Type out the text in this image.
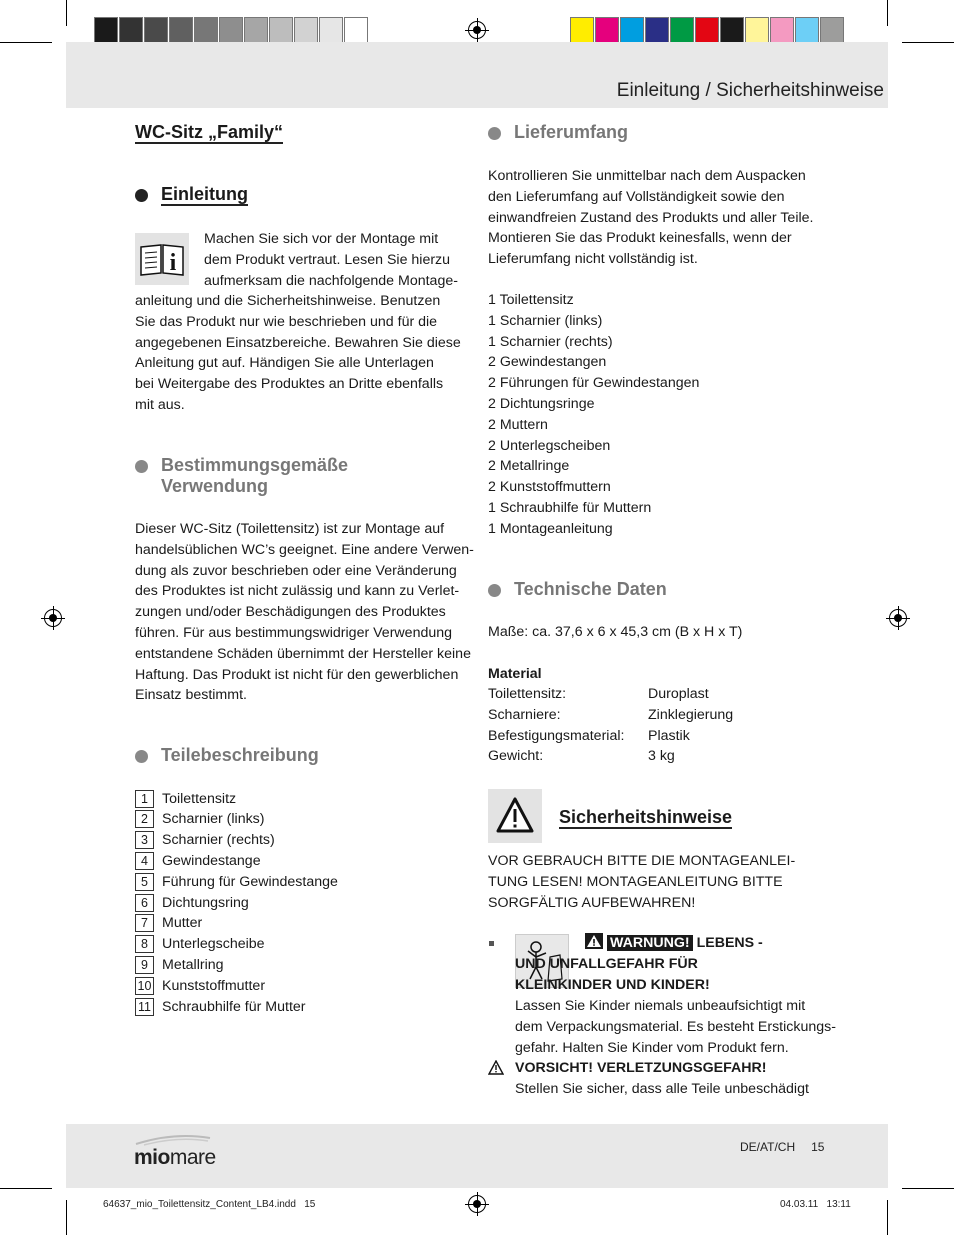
Einleitung / Sicherheitshinweise
WC-Sitz „Family“
Einleitung
i
Machen Sie sich vor der Montage mit
dem Produkt vertraut. Lesen Sie hierzu
aufmerksam die nachfolgende Montage-
anleitung und die Sicherheitshinweise. Benutzen
Sie das Produkt nur wie beschrieben und für die
angegebenen Einsatzbereiche. Bewahren Sie diese
Anleitung gut auf. Händigen Sie alle Unterlagen
bei Weitergabe des Produktes an Dritte ebenfalls
mit aus.
Bestimmungsgemäße
Verwendung
Dieser WC-Sitz (Toilettensitz) ist zur Montage auf
handelsüblichen WC’s geeignet. Eine andere Verwen-
dung als zuvor beschrieben oder eine Veränderung
des Produktes ist nicht zulässig und kann zu Verlet-
zungen und/oder Beschädigungen des Produktes
führen. Für aus bestimmungswidriger Verwendung
entstandene Schäden übernimmt der Hersteller keine
Haftung. Das Produkt ist nicht für den gewerblichen
Einsatz bestimmt.
Teilebeschreibung
1 Toilettensitz
2 Scharnier (links)
3 Scharnier (rechts)
4 Gewindestange
5 Führung für Gewindestange
6 Dichtungsring
7 Mutter
8 Unterlegscheibe
9 Metallring
10 Kunststoffmutter
11 Schraubhilfe für Mutter
Lieferumfang
Kontrollieren Sie unmittelbar nach dem Auspacken
den Lieferumfang auf Vollständigkeit sowie den
einwandfreien Zustand des Produkts und aller Teile.
Montieren Sie das Produkt keinesfalls, wenn der
Lieferumfang nicht vollständig ist.
1 Toilettensitz
1 Scharnier (links)
1 Scharnier (rechts)
2 Gewindestangen
2 Führungen für Gewindestangen
2 Dichtungsringe
2 Muttern
2 Unterlegscheiben
2 Metallringe
2 Kunststoffmuttern
1 Schraubhilfe für Muttern
1 Montageanleitung
Technische Daten
Maße: ca. 37,6 x 6 x 45,3 cm (B x H x T)
Material
Toilettensitz:	Duroplast
Scharniere:	Zinklegierung
Befestigungsmaterial: Plastik
Gewicht:	3 kg
Sicherheitshinweise
VOR GEBRAUCH BITTE DIE MONTAGEANLEI-
TUNG LESEN! MONTAGEANLEITUNG BITTE
SORGFÄLTIG AUFBEWAHREN!
WARNUNG! LEBENS -
UND UNFALLGEFAHR FÜR
KLEINKINDER UND KINDER!
Lassen Sie Kinder niemals unbeaufsichtigt mit
dem Verpackungsmaterial. Es besteht Erstickungs-
gefahr. Halten Sie Kinder vom Produkt fern.
VORSICHT! VERLETZUNGSGEFAHR!
Stellen Sie sicher, dass alle Teile unbeschädigt
miomare	DE/AT/CH 15
64637_mio_Toilettensitz_Content_LB4.indd   15	04.03.11   13:11
